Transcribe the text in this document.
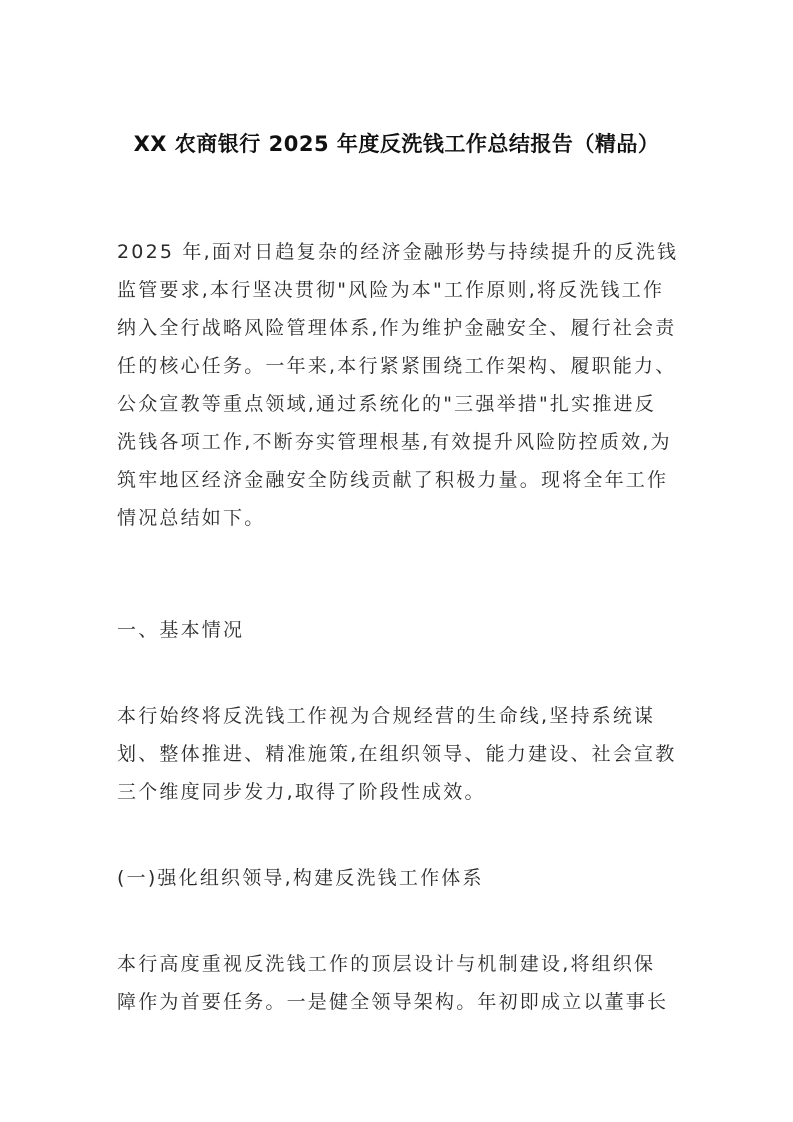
XX 农商银行 2025 年度反洗钱工作总结报告（精品）
2025 年,面对日趋复杂的经济金融形势与持续提升的反洗钱
监管要求,本行坚决贯彻"风险为本"工作原则,将反洗钱工作
纳入全行战略风险管理体系,作为维护金融安全、履行社会责
任的核心任务。一年来,本行紧紧围绕工作架构、履职能力、
公众宣教等重点领域,通过系统化的"三强举措"扎实推进反
洗钱各项工作,不断夯实管理根基,有效提升风险防控质效,为
筑牢地区经济金融安全防线贡献了积极力量。现将全年工作
情况总结如下。
一、基本情况
本行始终将反洗钱工作视为合规经营的生命线,坚持系统谋
划、整体推进、精准施策,在组织领导、能力建设、社会宣教
三个维度同步发力,取得了阶段性成效。
(一)强化组织领导,构建反洗钱工作体系
本行高度重视反洗钱工作的顶层设计与机制建设,将组织保
障作为首要任务。一是健全领导架构。年初即成立以董事长
